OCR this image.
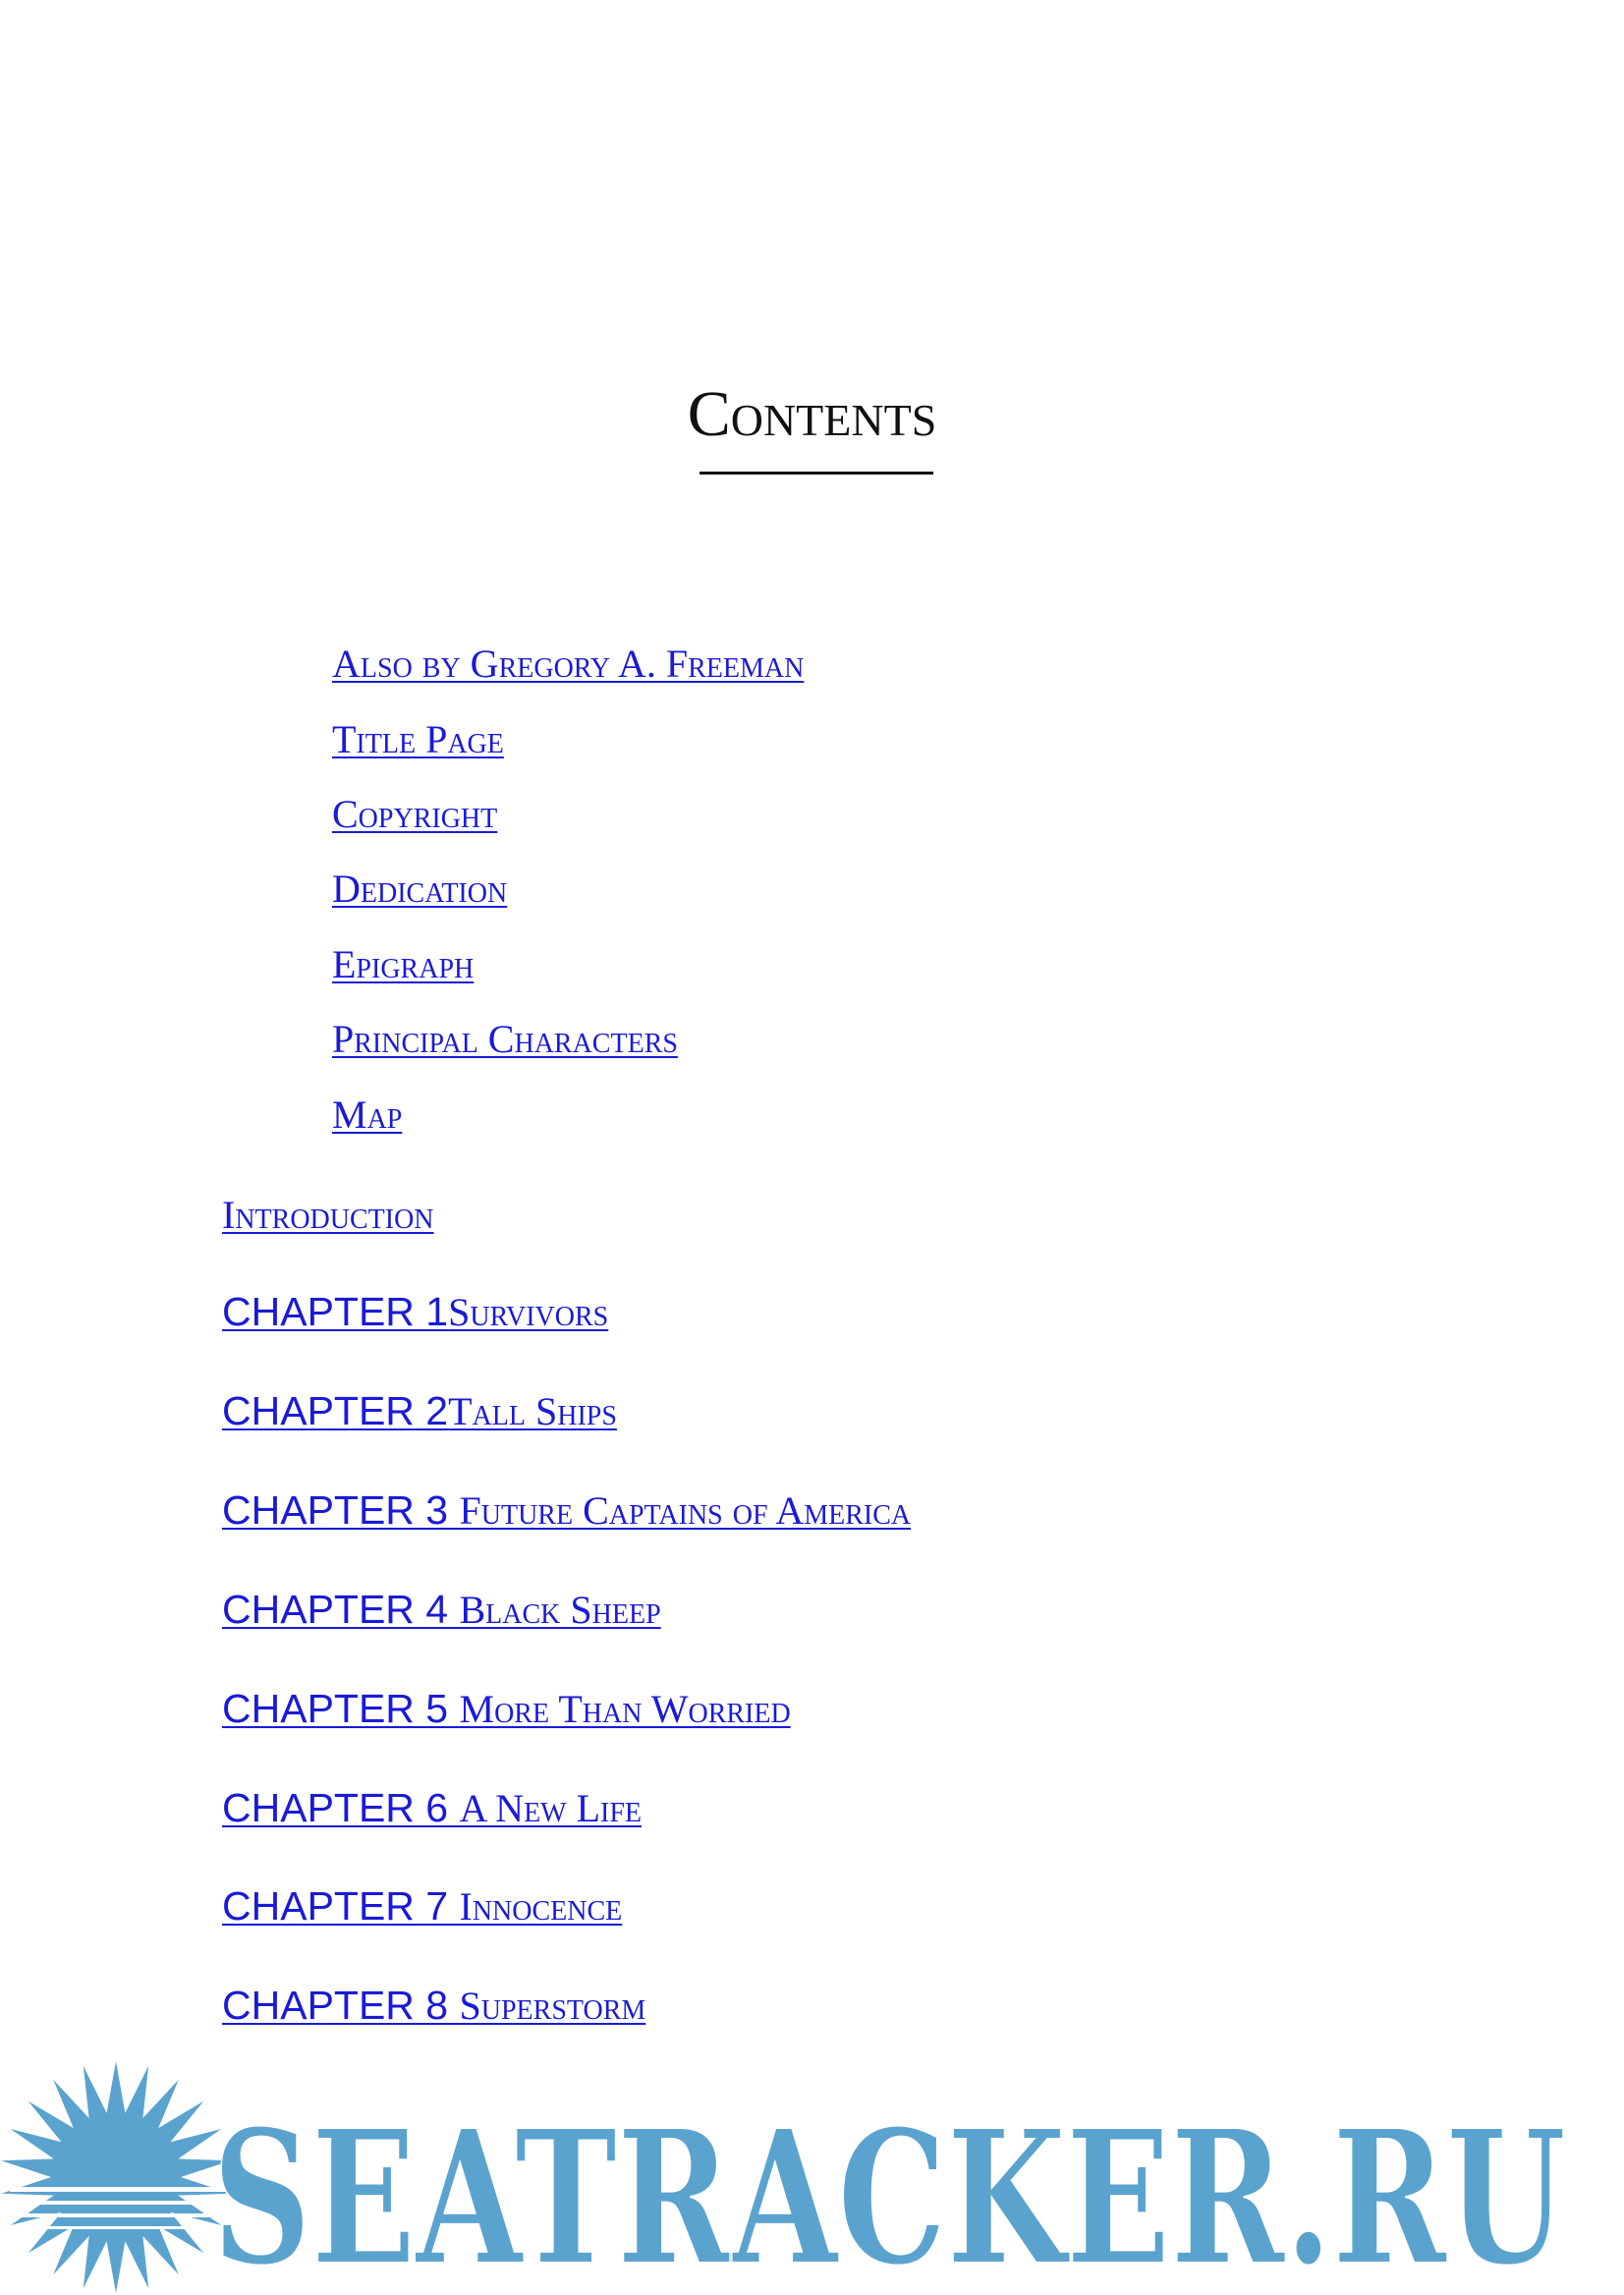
Contents
Also by Gregory A. Freeman
Title Page
Copyright
Dedication
Epigraph
Principal Characters
Map
Introduction
CHAPTER 1Survivors
CHAPTER 2Tall Ships
CHAPTER 3 Future Captains of America
CHAPTER 4 Black Sheep
CHAPTER 5 More Than Worried
CHAPTER 6 A New Life
CHAPTER 7 Innocence
CHAPTER 8 Superstorm
SEATRACKER.RU
